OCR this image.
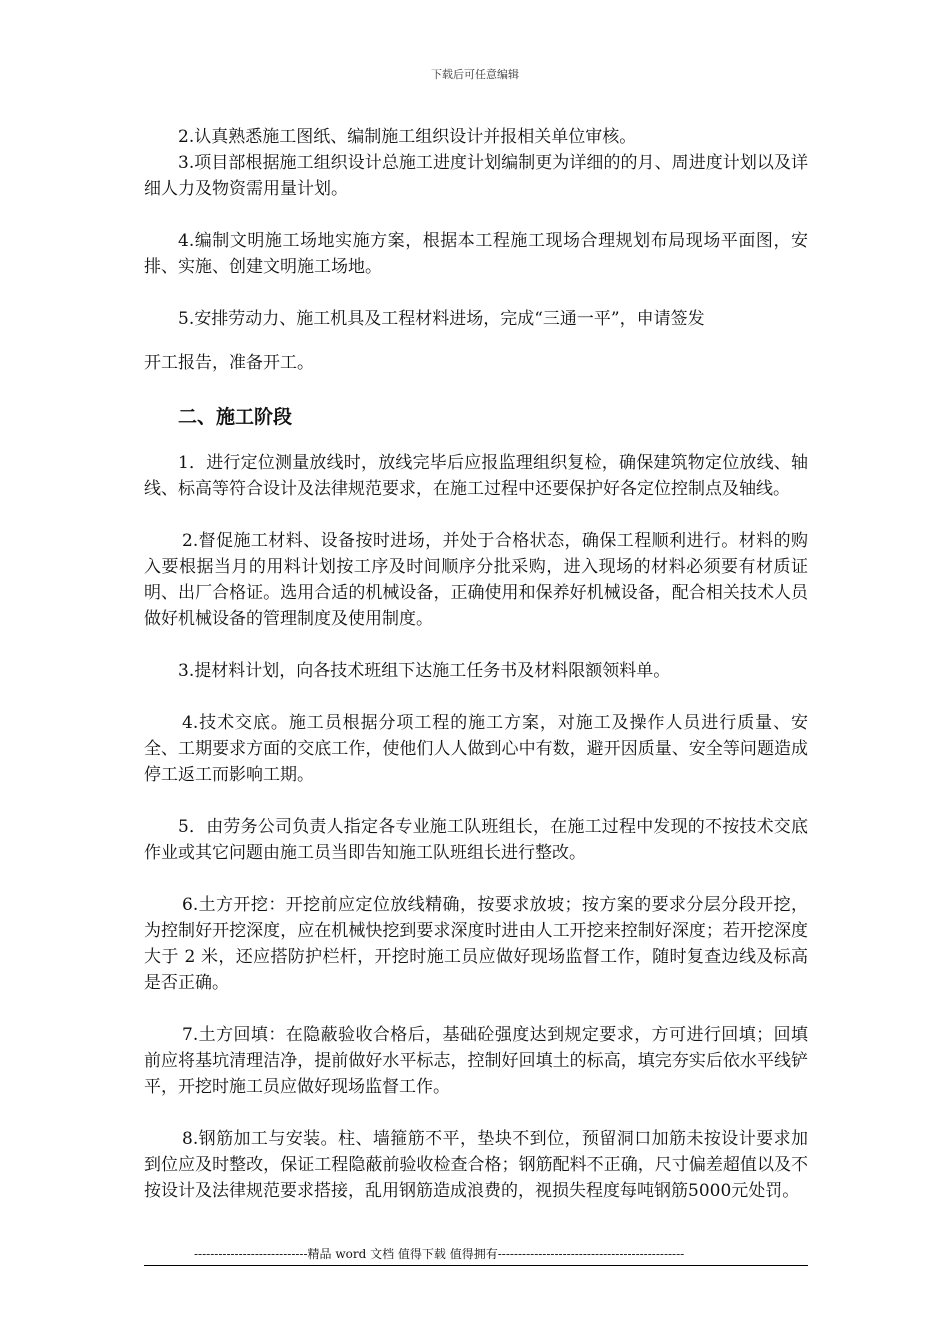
下载后可任意编辑

2.认真熟悉施工图纸、编制施工组织设计并报相关单位审核。

3.项目部根据施工组织设计总施工进度计划编制更为详细的的月、周进度计划以及详细人力及物资需用量计划。

4.编制文明施工场地实施方案，根据本工程施工现场合理规划布局现场平面图，安排、实施、创建文明施工场地。

5.安排劳动力、施工机具及工程材料进场，完成“三通一平”，申请签发

开工报告，准备开工。

二、施工阶段

1．进行定位测量放线时，放线完毕后应报监理组织复检，确保建筑物定位放线、轴线、标高等符合设计及法律规范要求，在施工过程中还要保护好各定位控制点及轴线。

2.督促施工材料、设备按时进场，并处于合格状态，确保工程顺利进行。材料的购入要根据当月的用料计划按工序及时间顺序分批采购，进入现场的材料必须要有材质证明、出厂合格证。选用合适的机械设备，正确使用和保养好机械设备，配合相关技术人员做好机械设备的管理制度及使用制度。

3.提材料计划，向各技术班组下达施工任务书及材料限额领料单。

4.技术交底。施工员根据分项工程的施工方案，对施工及操作人员进行质量、安全、工期要求方面的交底工作，使他们人人做到心中有数，避开因质量、安全等问题造成停工返工而影响工期。

5．由劳务公司负责人指定各专业施工队班组长，在施工过程中发现的不按技术交底作业或其它问题由施工员当即告知施工队班组长进行整改。

6.土方开挖：开挖前应定位放线精确，按要求放坡；按方案的要求分层分段开挖，为控制好开挖深度，应在机械快挖到要求深度时进由人工开挖来控制好深度；若开挖深度大于 2 米，还应搭防护栏杆，开挖时施工员应做好现场监督工作，随时复查边线及标高是否正确。

7.土方回填：在隐蔽验收合格后，基础砼强度达到规定要求，方可进行回填；回填前应将基坑清理洁净，提前做好水平标志，控制好回填土的标高，填完夯实后依水平线铲平，开挖时施工员应做好现场监督工作。

8.钢筋加工与安装。柱、墙箍筋不平，垫块不到位，预留洞口加筋未按设计要求加到位应及时整改，保证工程隐蔽前验收检查合格；钢筋配料不正确，尺寸偏差超值以及不按设计及法律规范要求搭接，乱用钢筋造成浪费的，视损失程度每吨钢筋5000元处罚。

----------------------------精品 word 文档 值得下载 值得拥有----------------------------------------------
